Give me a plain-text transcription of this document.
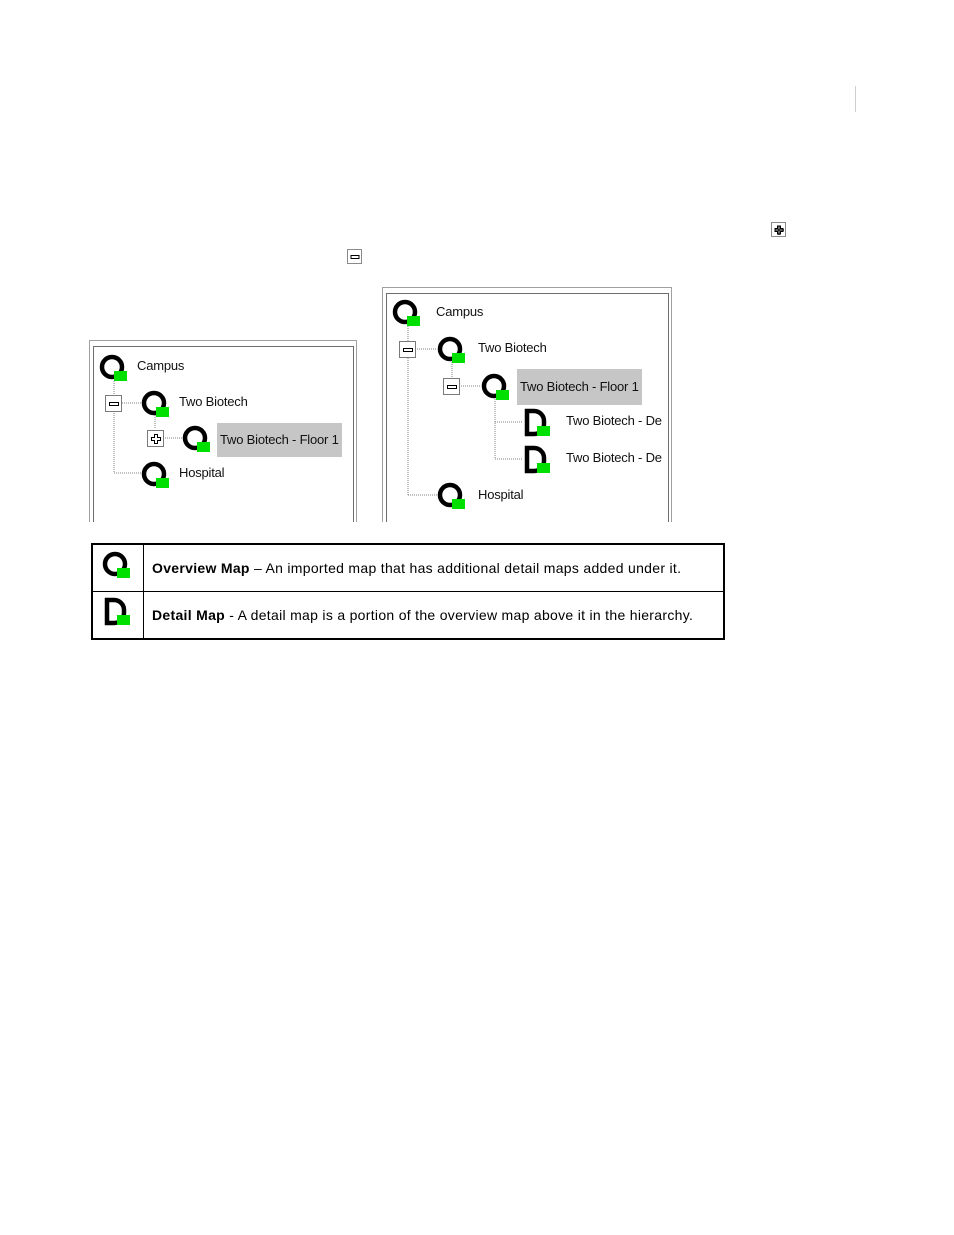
Campus
Two Biotech
Two Biotech - Floor 1
Hospital
Campus
Two Biotech
Two Biotech - Floor 1
Two Biotech - De
Two Biotech - De
Hospital
	Overview Map – An imported map that has additional detail maps added under it.
	Detail Map - A detail map is a portion of the overview map above it in the hierarchy.
